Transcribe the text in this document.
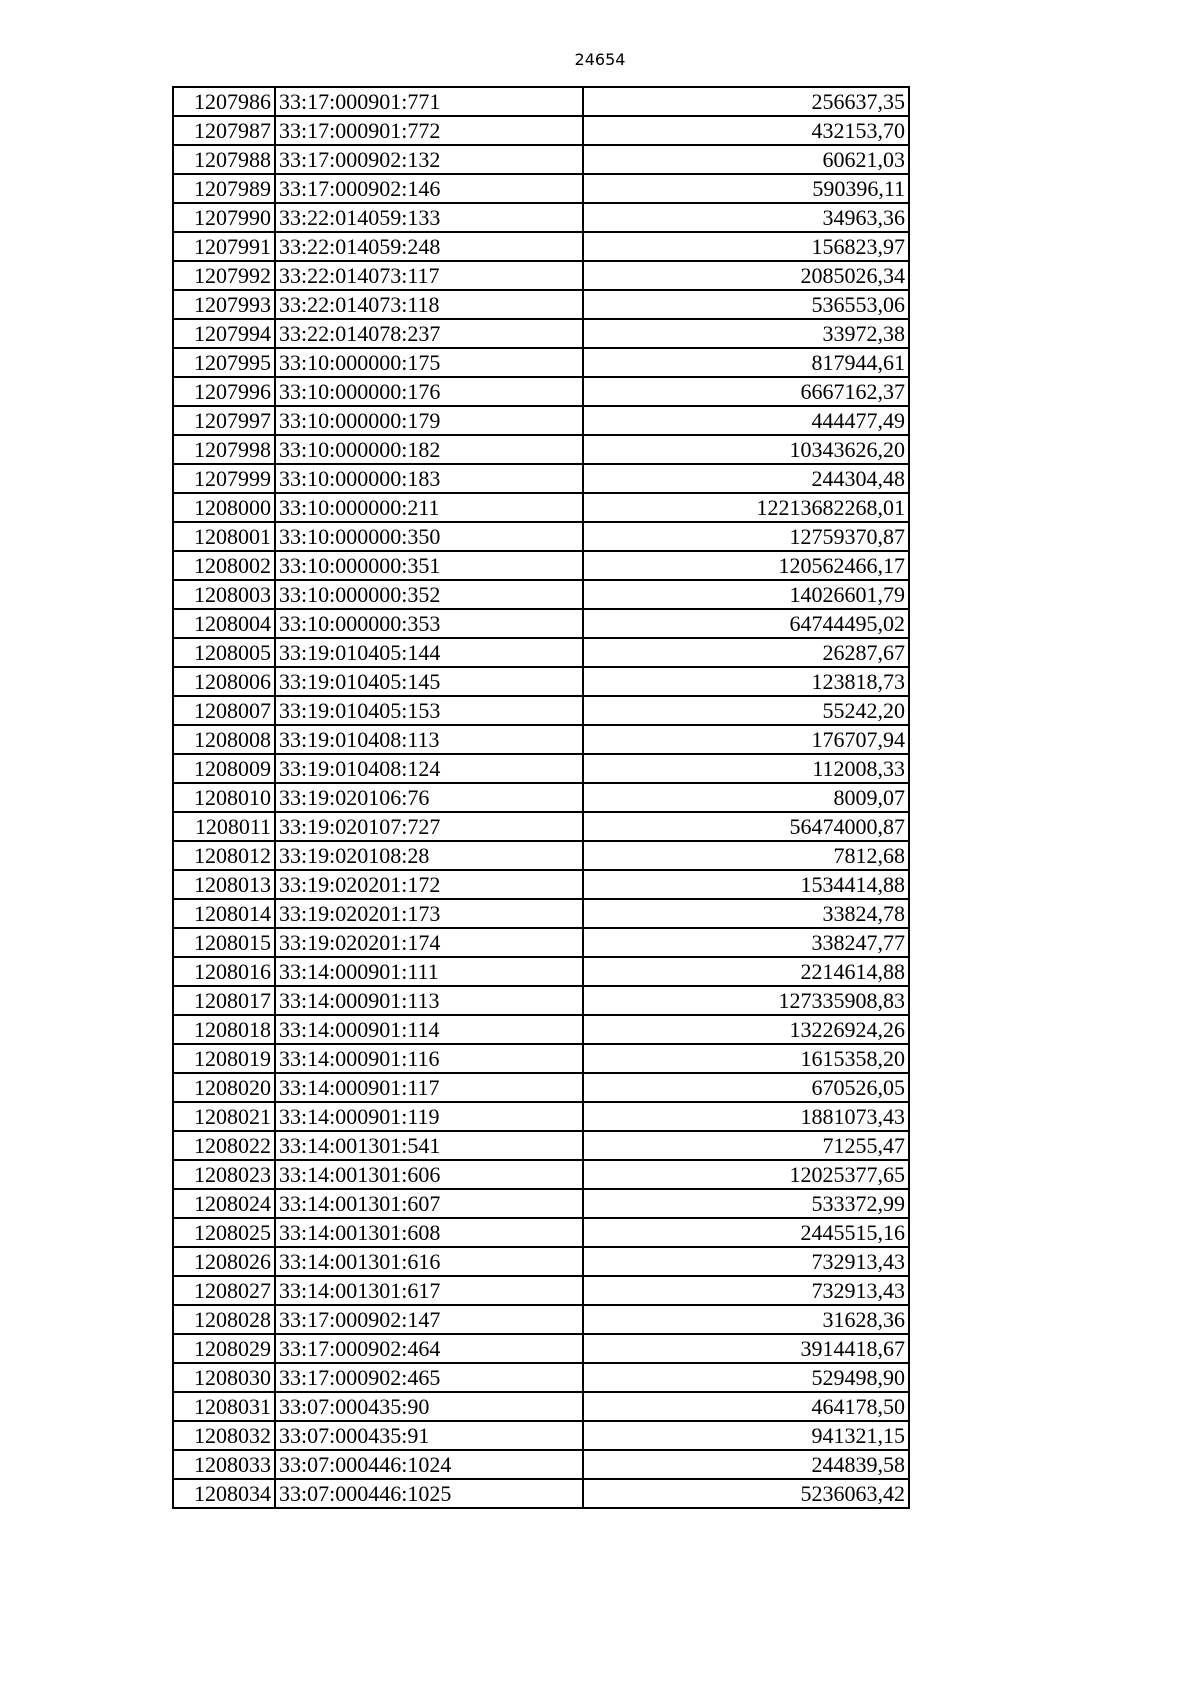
24654
1207986	33:17:000901:771	256637,35
1207987	33:17:000901:772	432153,70
1207988	33:17:000902:132	60621,03
1207989	33:17:000902:146	590396,11
1207990	33:22:014059:133	34963,36
1207991	33:22:014059:248	156823,97
1207992	33:22:014073:117	2085026,34
1207993	33:22:014073:118	536553,06
1207994	33:22:014078:237	33972,38
1207995	33:10:000000:175	817944,61
1207996	33:10:000000:176	6667162,37
1207997	33:10:000000:179	444477,49
1207998	33:10:000000:182	10343626,20
1207999	33:10:000000:183	244304,48
1208000	33:10:000000:211	12213682268,01
1208001	33:10:000000:350	12759370,87
1208002	33:10:000000:351	120562466,17
1208003	33:10:000000:352	14026601,79
1208004	33:10:000000:353	64744495,02
1208005	33:19:010405:144	26287,67
1208006	33:19:010405:145	123818,73
1208007	33:19:010405:153	55242,20
1208008	33:19:010408:113	176707,94
1208009	33:19:010408:124	112008,33
1208010	33:19:020106:76	8009,07
1208011	33:19:020107:727	56474000,87
1208012	33:19:020108:28	7812,68
1208013	33:19:020201:172	1534414,88
1208014	33:19:020201:173	33824,78
1208015	33:19:020201:174	338247,77
1208016	33:14:000901:111	2214614,88
1208017	33:14:000901:113	127335908,83
1208018	33:14:000901:114	13226924,26
1208019	33:14:000901:116	1615358,20
1208020	33:14:000901:117	670526,05
1208021	33:14:000901:119	1881073,43
1208022	33:14:001301:541	71255,47
1208023	33:14:001301:606	12025377,65
1208024	33:14:001301:607	533372,99
1208025	33:14:001301:608	2445515,16
1208026	33:14:001301:616	732913,43
1208027	33:14:001301:617	732913,43
1208028	33:17:000902:147	31628,36
1208029	33:17:000902:464	3914418,67
1208030	33:17:000902:465	529498,90
1208031	33:07:000435:90	464178,50
1208032	33:07:000435:91	941321,15
1208033	33:07:000446:1024	244839,58
1208034	33:07:000446:1025	5236063,42
